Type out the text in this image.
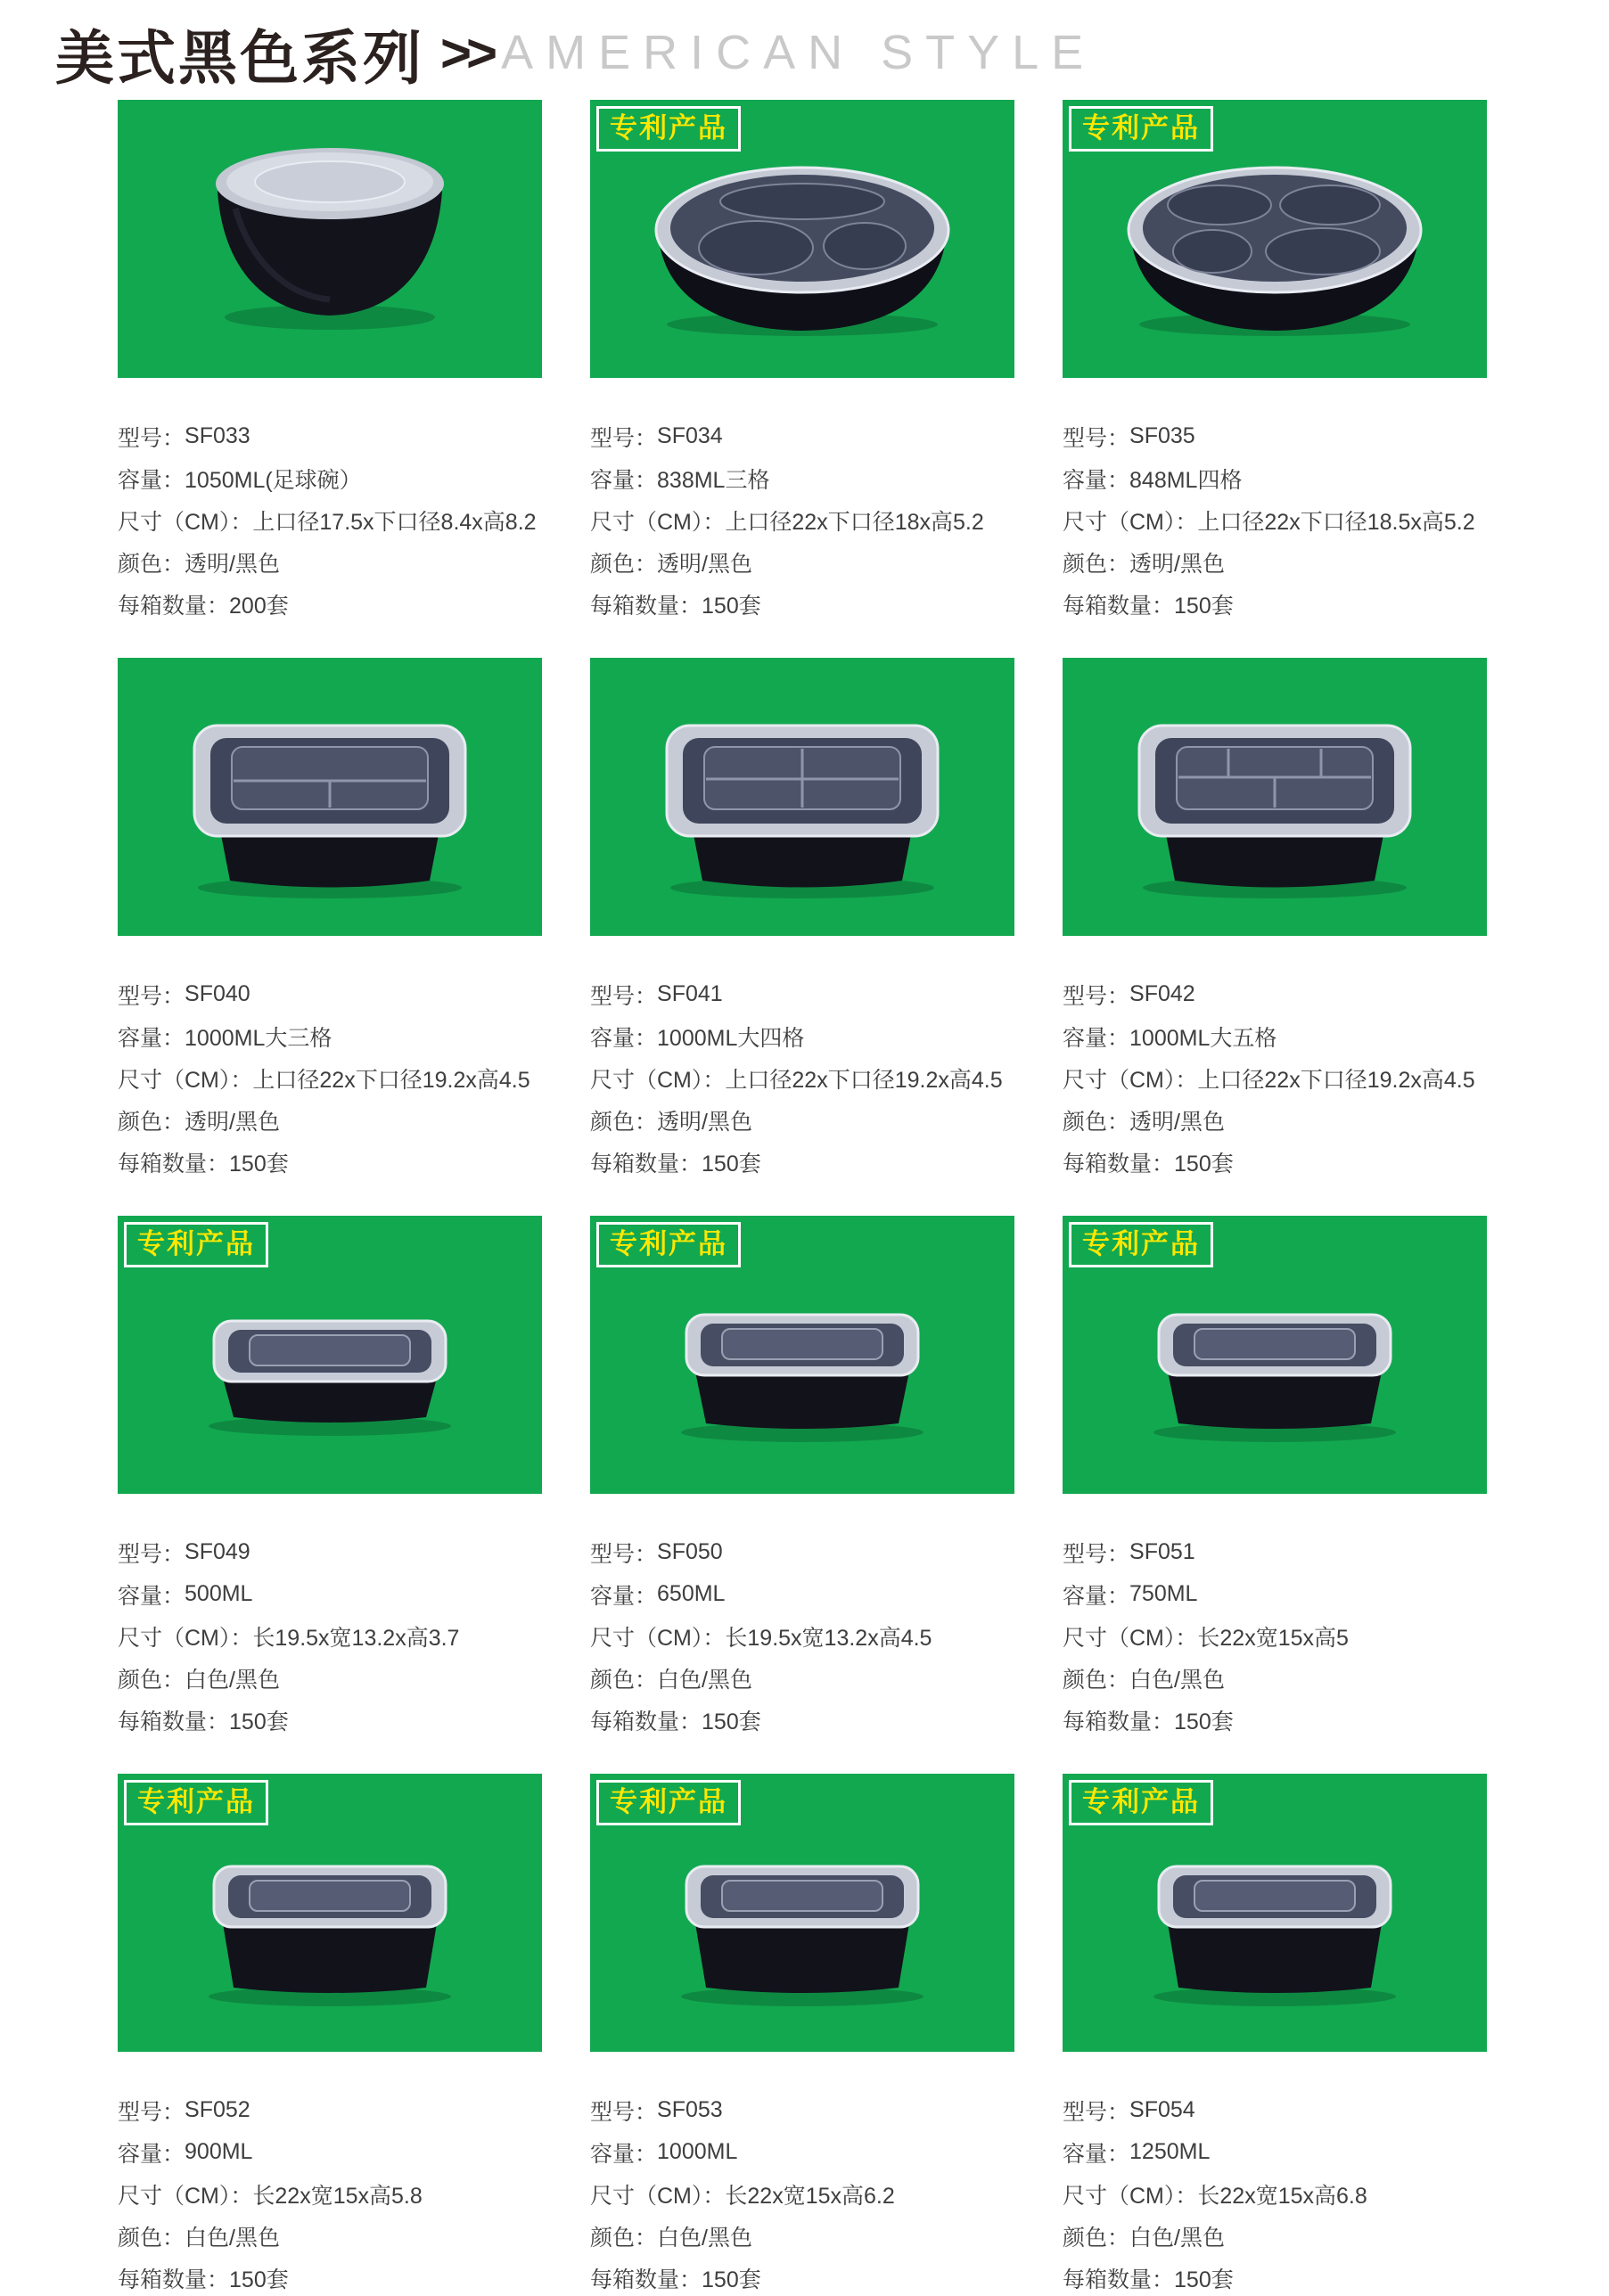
美式黑色系列 >> AMERICAN STYLE
型号： SF033
容量： 1050ML(足球碗）
尺寸（CM）： 上口径17.5x下口径8.4x高8.2
颜色： 透明/黑色
每箱数量： 200套
专利产品
型号： SF034
容量： 838ML三格
尺寸（CM）： 上口径22x下口径18x高5.2
颜色： 透明/黑色
每箱数量： 150套
专利产品
型号： SF035
容量： 848ML四格
尺寸（CM）： 上口径22x下口径18.5x高5.2
颜色： 透明/黑色
每箱数量： 150套
型号： SF040
容量： 1000ML大三格
尺寸（CM）： 上口径22x下口径19.2x高4.5
颜色： 透明/黑色
每箱数量： 150套
型号： SF041
容量： 1000ML大四格
尺寸（CM）： 上口径22x下口径19.2x高4.5
颜色： 透明/黑色
每箱数量： 150套
型号： SF042
容量： 1000ML大五格
尺寸（CM）： 上口径22x下口径19.2x高4.5
颜色： 透明/黑色
每箱数量： 150套
专利产品
型号： SF049
容量： 500ML
尺寸（CM）： 长19.5x宽13.2x高3.7
颜色： 白色/黑色
每箱数量： 150套
专利产品
型号： SF050
容量： 650ML
尺寸（CM）： 长19.5x宽13.2x高4.5
颜色： 白色/黑色
每箱数量： 150套
专利产品
型号： SF051
容量： 750ML
尺寸（CM）： 长22x宽15x高5
颜色： 白色/黑色
每箱数量： 150套
专利产品
型号： SF052
容量： 900ML
尺寸（CM）： 长22x宽15x高5.8
颜色： 白色/黑色
每箱数量： 150套
专利产品
型号： SF053
容量： 1000ML
尺寸（CM）： 长22x宽15x高6.2
颜色： 白色/黑色
每箱数量： 150套
专利产品
型号： SF054
容量： 1250ML
尺寸（CM）： 长22x宽15x高6.8
颜色： 白色/黑色
每箱数量： 150套
